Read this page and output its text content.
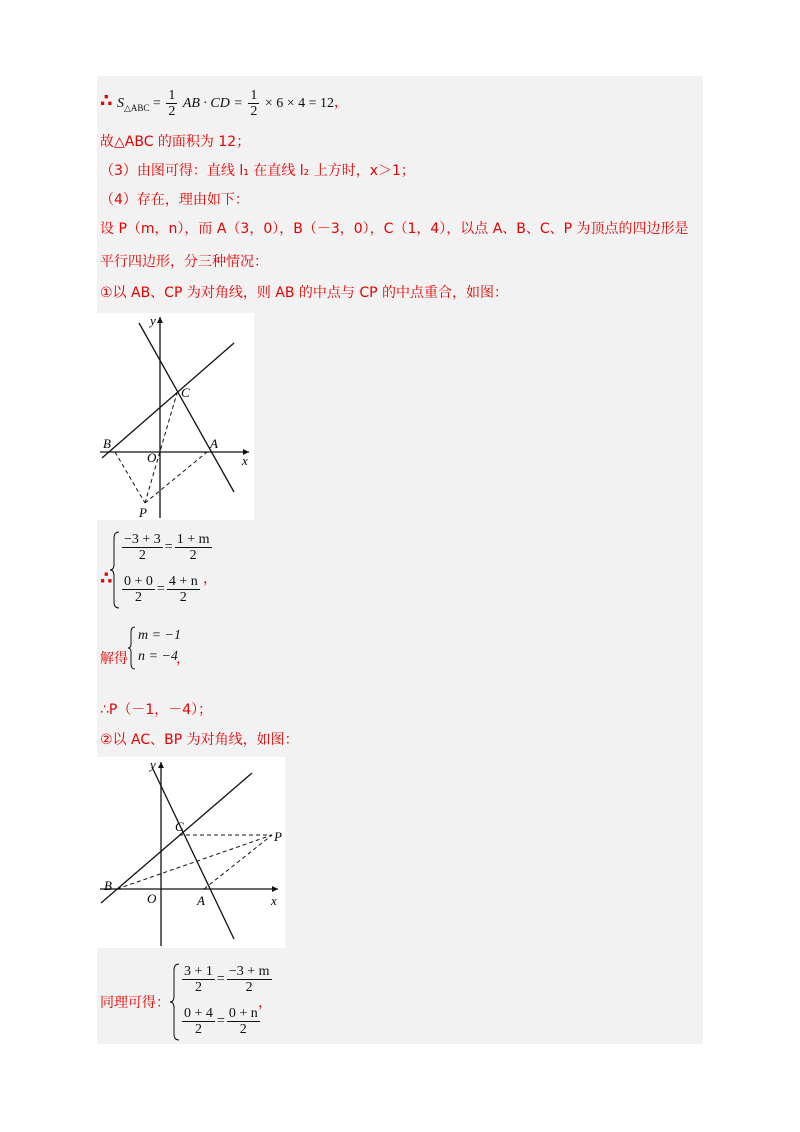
∴ $S_{\triangle ABC} = \frac{1}{2}$ AB · CD = $\frac{1}{2} \times 6 \times 4 = 12$，
故△ABC 的面积为 12；
（3）由图可得：直线 l₁ 在直线 l₂ 上方时，x＞1；
（4）存在，理由如下：
设 P（m，n），而 A（3，0），B（－3，0），C（1，4），以点 A、B、C、P 为顶点的四边形是
平行四边形，分三种情况：
①以 AB、CP 为对角线，则 AB 的中点与 CP 的中点重合，如图：
y
x
O
A
B
C
P
∴
$\frac{-3 + 3}{2} = \frac{1 + m}{2}$
$\frac{0 + 0}{2} = \frac{4 + n}{2}$ ，
解得
m = −1
n = −4
，
∴P（－1，－4）；
②以 AC、BP 为对角线，如图：
y
x
O	A
B
C
P
同理可得：
$\frac{3 + 1}{2} = \frac{-3 + m}{2}$
$\frac{0 + 4}{2} = \frac{0 + n}{2}$
，
